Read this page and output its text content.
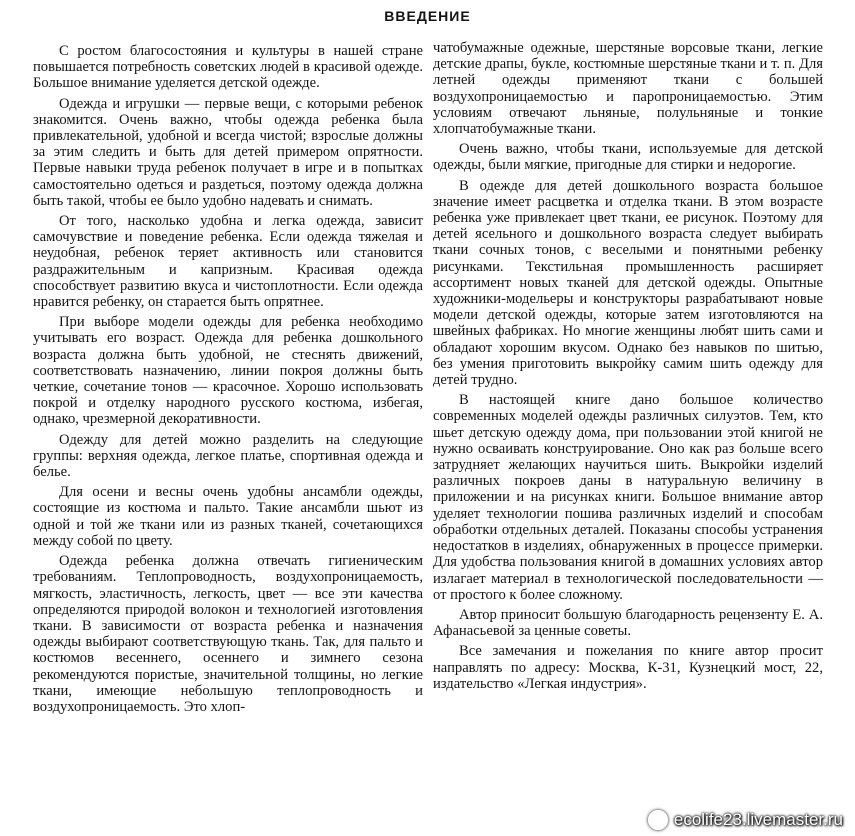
ВВЕДЕНИЕ

С ростом благосостояния и культуры в нашей стране повышается потребность советских людей в красивой одежде. Большое внимание уделяется детской одежде.

Одежда и игрушки — первые вещи, с которыми ребенок знакомится. Очень важно, чтобы одежда ребенка была привлекательной, удобной и всегда чистой; взрослые должны за этим следить и быть для детей примером опрятности. Первые навыки труда ребенок получает в игре и в попытках самостоятельно одеться и раздеться, поэтому одежда должна быть такой, чтобы ее было удобно надевать и снимать.

От того, насколько удобна и легка одежда, зависит самочувствие и поведение ребенка. Если одежда тяжелая и неудобная, ребенок теряет активность или становится раздражительным и капризным. Красивая одежда способствует развитию вкуса и чистоплотности. Если одежда нравится ребенку, он старается быть опрятнее.

При выборе модели одежды для ребенка необходимо учитывать его возраст. Одежда для ребенка дошкольного возраста должна быть удобной, не стеснять движений, соответствовать назначению, линии покроя должны быть четкие, сочетание тонов — красочное. Хорошо использовать покрой и отделку народного русского костюма, избегая, однако, чрезмерной декоративности.

Одежду для детей можно разделить на следующие группы: верхняя одежда, легкое платье, спортивная одежда и белье.

Для осени и весны очень удобны ансамбли одежды, состоящие из костюма и пальто. Такие ансамбли шьют из одной и той же ткани или из разных тканей, сочетающихся между собой по цвету.

Одежда ребенка должна отвечать гигиеническим требованиям. Теплопроводность, воздухопроницаемость, мягкость, эластичность, легкость, цвет — все эти качества определяются природой волокон и технологией изготовления ткани. В зависимости от возраста ребенка и назначения одежды выбирают соответствующую ткань. Так, для пальто и костюмов весеннего, осеннего и зимнего сезона рекомендуются пористые, значительной толщины, но легкие ткани, имеющие небольшую теплопроводность и воздухопроницаемость. Это хлоп-

чатобумажные одежные, шерстяные ворсовые ткани, легкие детские драпы, букле, костюмные шерстяные ткани и т. п. Для летней одежды применяют ткани с большей воздухопроницаемостью и паропроницаемостью. Этим условиям отвечают льняные, полульняные и тонкие хлопчатобумажные ткани.

Очень важно, чтобы ткани, используемые для детской одежды, были мягкие, пригодные для стирки и недорогие.

В одежде для детей дошкольного возраста большое значение имеет расцветка и отделка ткани. В этом возрасте ребенка уже привлекает цвет ткани, ее рисунок. Поэтому для детей ясельного и дошкольного возраста следует выбирать ткани сочных тонов, с веселыми и понятными ребенку рисунками. Текстильная промышленность расширяет ассортимент новых тканей для детской одежды. Опытные художники-модельеры и конструкторы разрабатывают новые модели детской одежды, которые затем изготовляются на швейных фабриках. Но многие женщины любят шить сами и обладают хорошим вкусом. Однако без навыков по шитью, без умения приготовить выкройку самим шить одежду для детей трудно.

В настоящей книге дано большое количество современных моделей одежды различных силуэтов. Тем, кто шьет детскую одежду дома, при пользовании этой книгой не нужно осваивать конструирование. Оно как раз больше всего затрудняет желающих научиться шить. Выкройки изделий различных покроев даны в натуральную величину в приложении и на рисунках книги. Большое внимание автор уделяет технологии пошива различных изделий и способам обработки отдельных деталей. Показаны способы устранения недостатков в изделиях, обнаруженных в процессе примерки. Для удобства пользования книгой в домашних условиях автор излагает материал в технологической последовательности — от простого к более сложному.

Автор приносит большую благодарность рецензенту Е. А. Афанасьевой за ценные советы.

Все замечания и пожелания по книге автор просит направлять по адресу: Москва, К-31, Кузнецкий мост, 22, издательство «Легкая индустрия».

ecolife23.livemaster.ru
